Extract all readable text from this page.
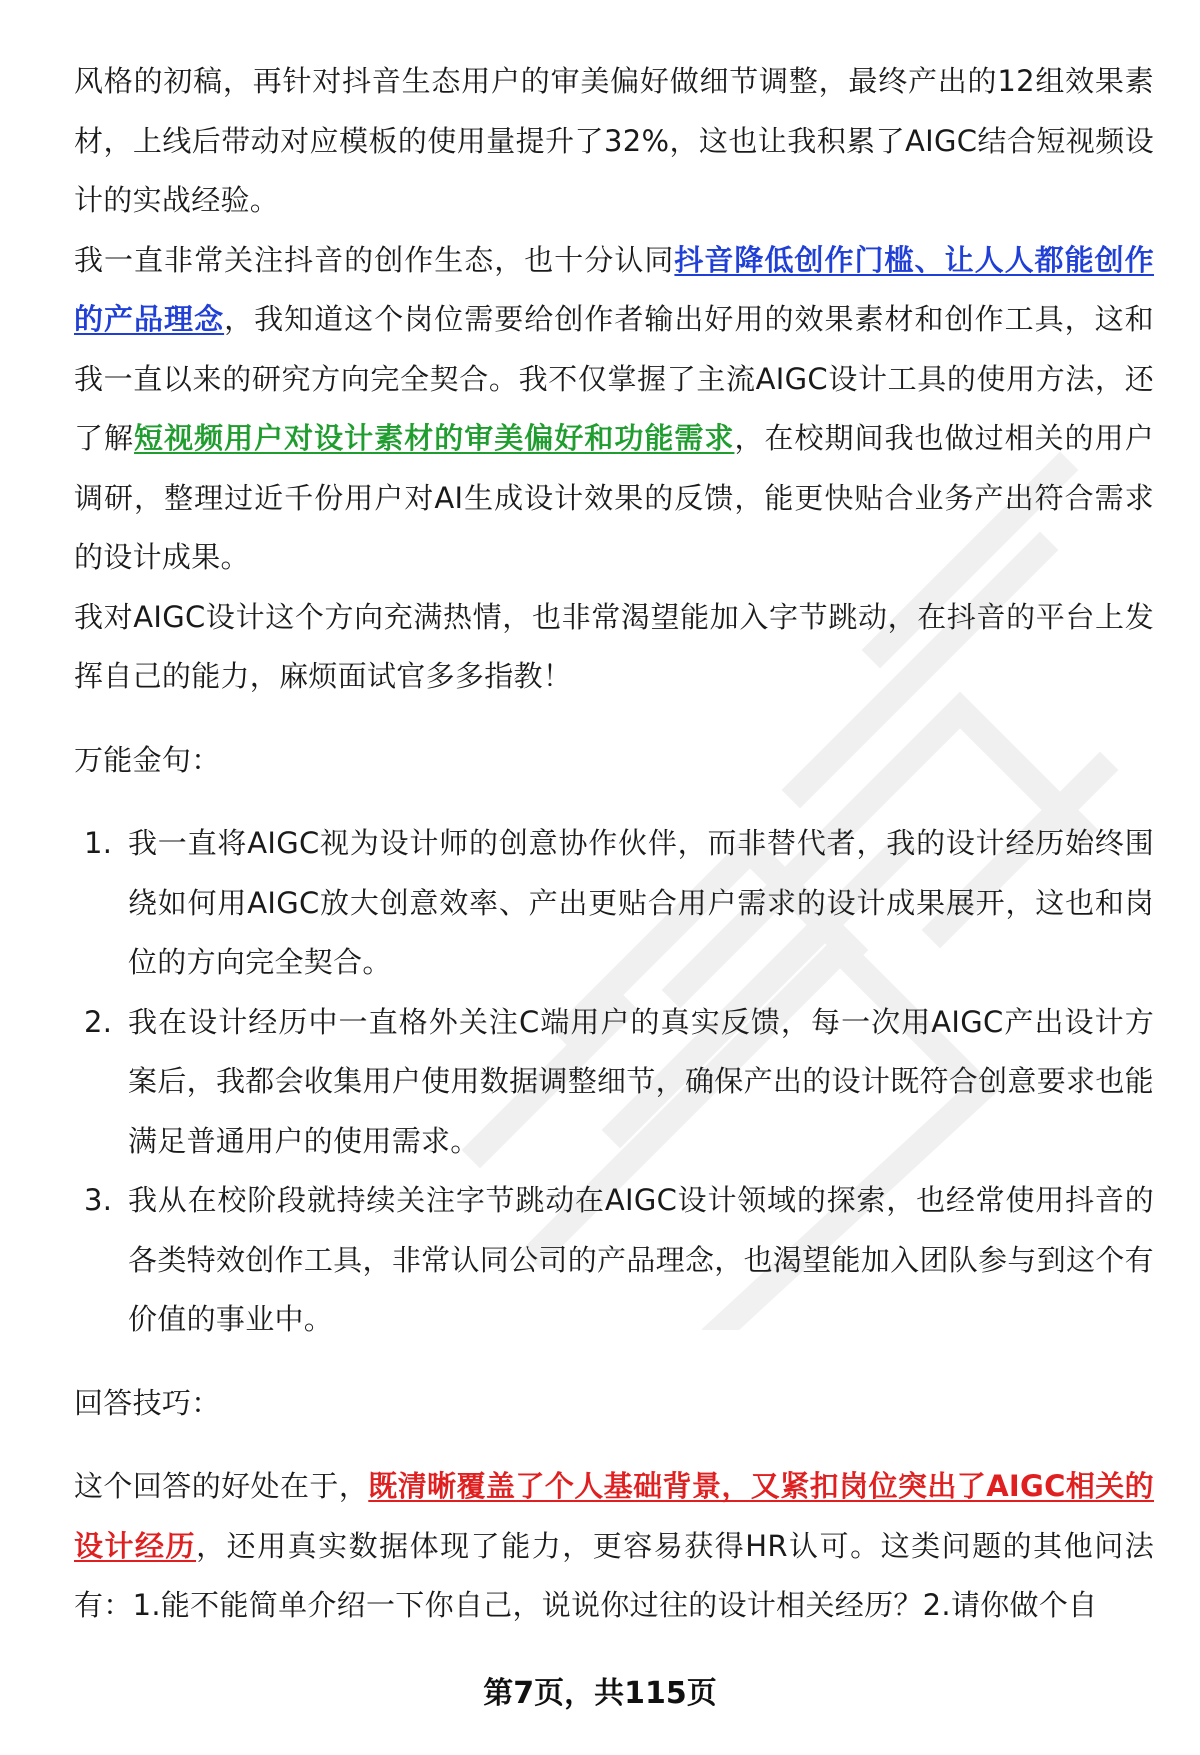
风格的初稿，再针对抖音生态用户的审美偏好做细节调整，最终产出的12组效果素材，上线后带动对应模板的使用量提升了32%，这也让我积累了AIGC结合短视频设计的实战经验。

我一直非常关注抖音的创作生态，也十分认同抖音降低创作门槛、让人人都能创作的产品理念，我知道这个岗位需要给创作者输出好用的效果素材和创作工具，这和我一直以来的研究方向完全契合。我不仅掌握了主流AIGC设计工具的使用方法，还了解短视频用户对设计素材的审美偏好和功能需求，在校期间我也做过相关的用户调研，整理过近千份用户对AI生成设计效果的反馈，能更快贴合业务产出符合需求的设计成果。

我对AIGC设计这个方向充满热情，也非常渴望能加入字节跳动，在抖音的平台上发挥自己的能力，麻烦面试官多多指教！

万能金句：

1. 我一直将AIGC视为设计师的创意协作伙伴，而非替代者，我的设计经历始终围绕如何用AIGC放大创意效率、产出更贴合用户需求的设计成果展开，这也和岗位的方向完全契合。
2. 我在设计经历中一直格外关注C端用户的真实反馈，每一次用AIGC产出设计方案后，我都会收集用户使用数据调整细节，确保产出的设计既符合创意要求也能满足普通用户的使用需求。
3. 我从在校阶段就持续关注字节跳动在AIGC设计领域的探索，也经常使用抖音的各类特效创作工具，非常认同公司的产品理念，也渴望能加入团队参与到这个有价值的事业中。

回答技巧：

这个回答的好处在于，既清晰覆盖了个人基础背景，又紧扣岗位突出了AIGC相关的设计经历，还用真实数据体现了能力，更容易获得HR认可。这类问题的其他问法有：1.能不能简单介绍一下你自己，说说你过往的设计相关经历？2.请你做个自

第7页，共115页
